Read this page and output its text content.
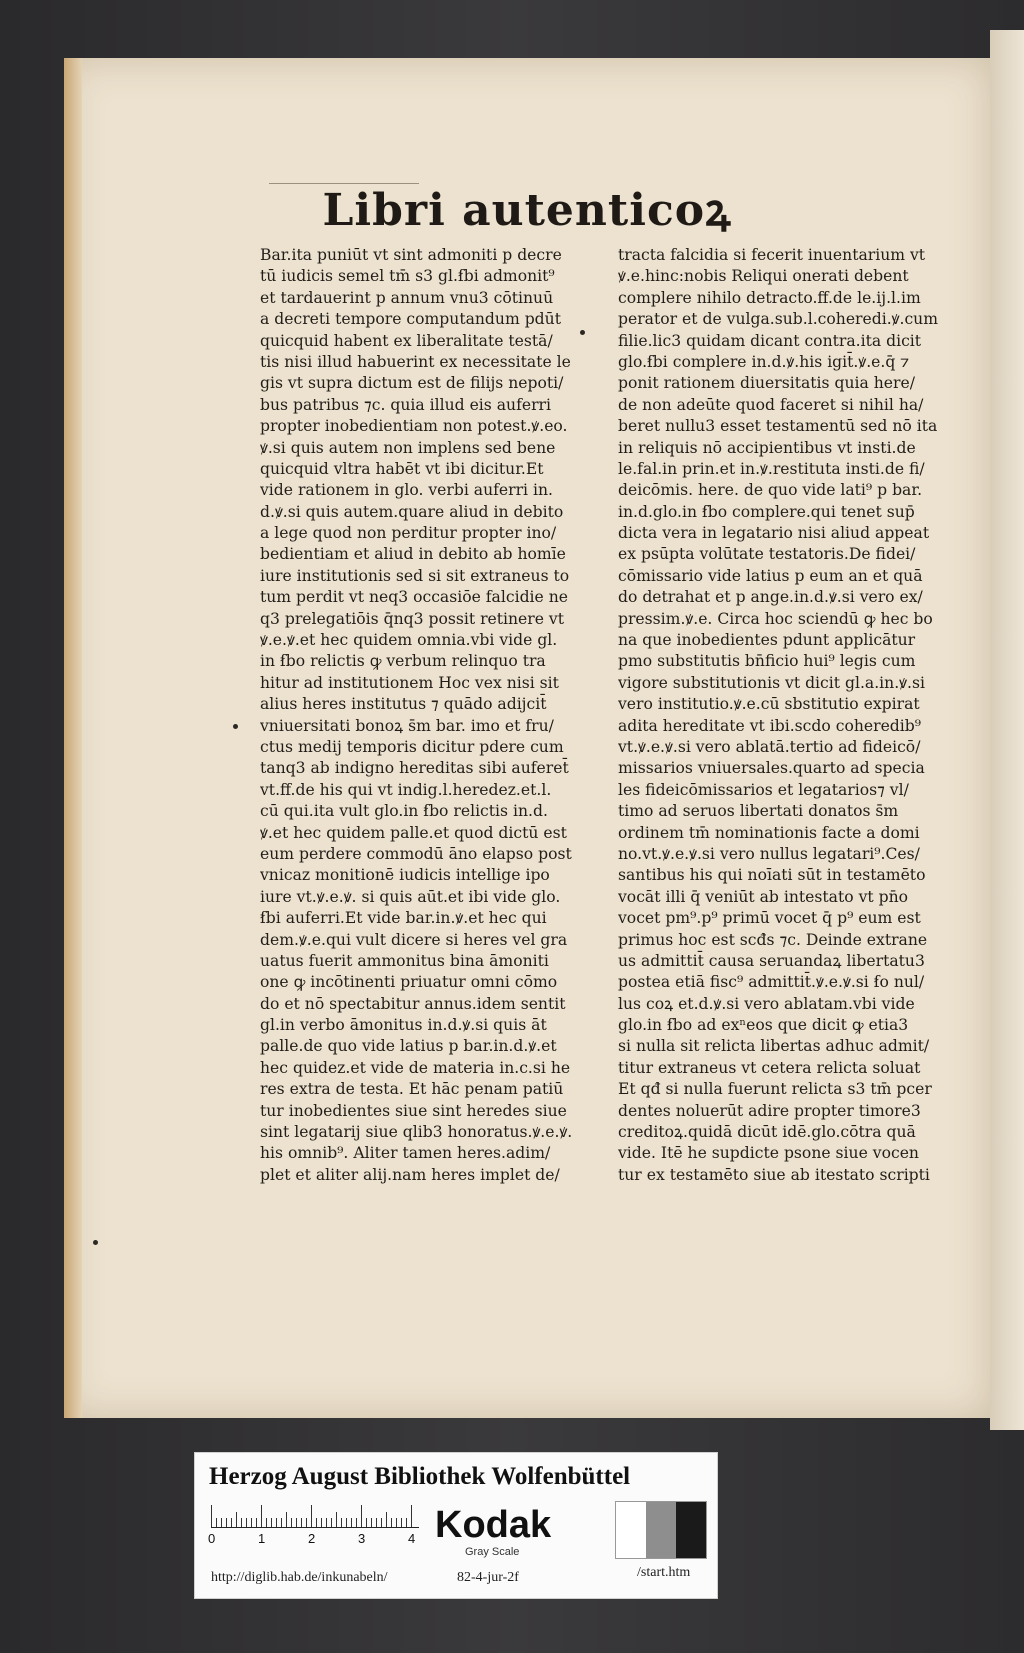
Libri autenticoꝝ
Bar.ita puniūt vt sint admoniti p decre
tū iudicis semel tm̄ s3 gl.ẜbi admonit⁹
et tardauerint p annum vnu3 cōtinuū
a decreti tempore computandum pdūt
quicquid habent ex liberalitate testā/
tis nisi illud habuerint ex necessitate le
gis vt supra dictum est de filijs nepoti/
bus patribus ⁊c. quia illud eis auferri
propter inobedientiam non potest.ꝟ.eo.
ꝟ.si quis autem non implens sed bene
quicquid vltra habēt vt ibi dicitur.Et
vide rationem in glo. verbi auferri in.
d.ꝟ.si quis autem.quare aliud in debito
a lege quod non perditur propter ino/
bedientiam et aliud in debito ab homīe
iure institutionis sed si sit extraneus to
tum perdit vt neq3 occasiōe falcidie ne
q3 prelegatiōis q̄nq3 possit retinere vt
ꝟ.e.ꝟ.et hec quidem omnia.vbi vide gl.
in ẜbo relictis ꝙ verbum relinquo tra
hitur ad institutionem Hoc vex nisi sit
alius heres institutus ⁊ quādo adijcit̄
vniuersitati bonoꝝ s̄m bar. imo et fru/
ctus medij temporis dicitur pdere cum
tanq3 ab indigno hereditas sibi auferet̄
vt.ff.de his qui vt indig.l.heredez.et.l.
cū qui.ita vult glo.in ẜbo relictis in.d.
ꝟ.et hec quidem palle.et quod dictū est
eum perdere commodū āno elapso post
vnicaz monitionē iudicis intellige ipo
iure vt.ꝟ.e.ꝟ. si quis aūt.et ibi vide glo.
ẜbi auferri.Et vide bar.in.ꝟ.et hec qui
dem.ꝟ.e.qui vult dicere si heres vel gra
uatus fuerit ammonitus bina āmoniti
one ꝙ incōtinenti priuatur omni cōmo
do et nō spectabitur annus.idem sentit
gl.in verbo āmonitus in.d.ꝟ.si quis āt
palle.de quo vide latius p bar.in.d.ꝟ.et
hec quidez.et vide de materia in.c.si he
res extra de testa. Et hāc penam patiū
tur inobedientes siue sint heredes siue
sint legatarij siue qlib3 honoratus.ꝟ.e.ꝟ.
his omnib⁹. Aliter tamen heres.adim/
plet et aliter alij.nam heres implet de/
tracta falcidia si fecerit inuentarium vt
ꝟ.e.hinc:nobis Reliqui onerati debent
complere nihilo detracto.ff.de le.ij.l.im
perator et de vulga.sub.l.coheredi.ꝟ.cum
filie.lic3 quidam dicant contra.ita dicit
glo.ẜbi complere in.d.ꝟ.his igit̄.ꝟ.e.q̄ ⁊
ponit rationem diuersitatis quia here/
de non adeūte quod faceret si nihil ha/
beret nullu3 esset testamentū sed nō ita
in reliquis nō accipientibus vt insti.de
le.fal.in prin.et in.ꝟ.restituta insti.de fi/
deicōmis. here. de quo vide lati⁹ p bar.
in.d.glo.in ẜbo complere.qui tenet sup̄
dicta vera in legatario nisi aliud appeat
ex psūpta volūtate testatoris.De fidei/
cōmissario vide latius p eum an et quā
do detrahat et p ange.in.d.ꝟ.si vero ex/
pressim.ꝟ.e. Circa hoc sciendū ꝙ hec bo
na que inobedientes pdunt applicātur
pmo substitutis bn̄ficio hui⁹ legis cum
vigore substitutionis vt dicit gl.a.in.ꝟ.si
vero institutio.ꝟ.e.cū sbstitutio expirat
adita hereditate vt ibi.scdo coheredib⁹
vt.ꝟ.e.ꝟ.si vero ablatā.tertio ad fideicō/
missarios vniuersales.quarto ad specia
les fideicōmissarios et legatarios⁊ vl/
timo ad seruos libertati donatos s̄m
ordinem tm̄ nominationis facte a domi
no.vt.ꝟ.e.ꝟ.si vero nullus legatari⁹.Ces/
santibus his qui noīati sūt in testamēto
vocāt illi q̄ veniūt ab intestato vt pn̄o
vocet pm⁹.p⁹ primū vocet q̄ p⁹ eum est
primus hoc est scđs ⁊c. Deinde extrane
us admittit̄ causa seruandaꝝ libertatu3
postea etiā fisc⁹ admittit̄.ꝟ.e.ꝟ.si ẜo nul/
lus coꝝ et.d.ꝟ.si vero ablatam.vbi vide
glo.in ẜbo ad exⁿeos que dicit ꝙ etia3
si nulla sit relicta libertas adhuc admit/
titur extraneus vt cetera relicta soluat
Et qđ si nulla fuerunt relicta s3 tm̄ pcer
dentes noluerūt adire propter timore3
creditoꝝ.quidā dicūt idē.glo.cōtra quā
vide. Itē he supdicte psone siue vocen
tur ex testamēto siue ab itestato scripti
Herzog August Bibliothek Wolfenbüttel
0	1	2	3	4 Kodak
Gray Scale
http://diglib.hab.de/inkunabeln/	82-4-jur-2f	/start.htm
